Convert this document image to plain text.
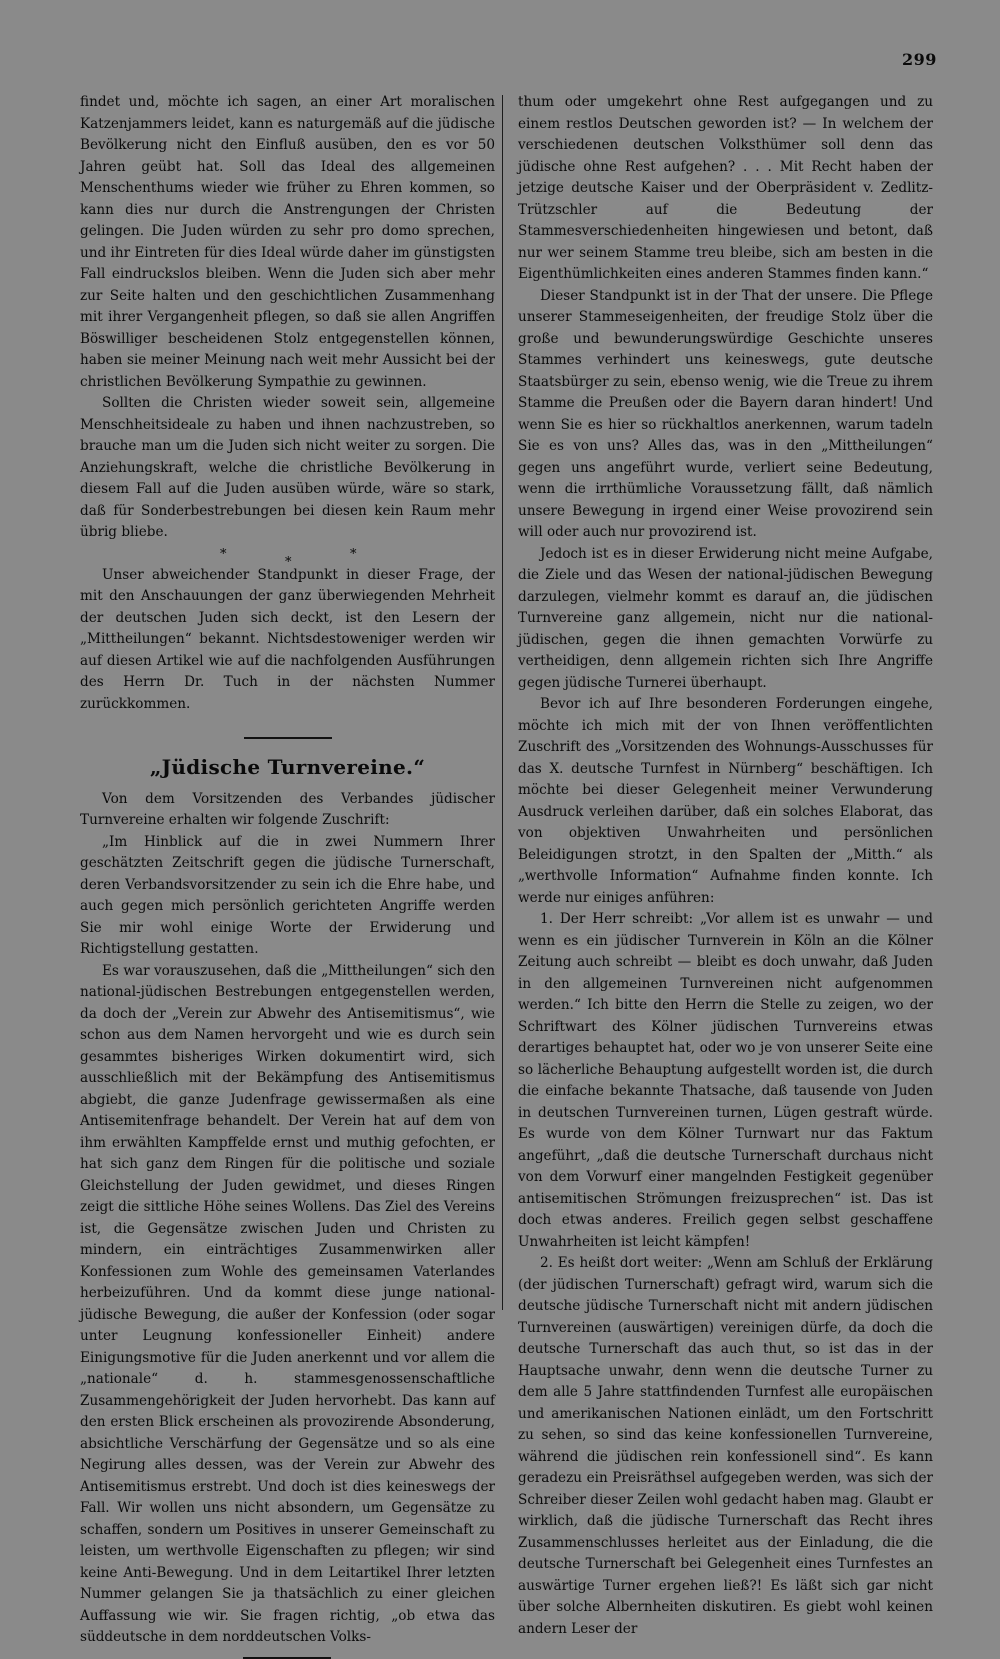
299

findet und, möchte ich sagen, an einer Art moralischen Katzenjammers leidet, kann es naturgemäß auf die jüdische Bevölkerung nicht den Einfluß ausüben, den es vor 50 Jahren geübt hat. Soll das Ideal des allgemeinen Menschenthums wieder wie früher zu Ehren kommen, so kann dies nur durch die Anstrengungen der Christen gelingen. Die Juden würden zu sehr pro domo sprechen, und ihr Eintreten für dies Ideal würde daher im günstigsten Fall eindruckslos bleiben. Wenn die Juden sich aber mehr zur Seite halten und den geschichtlichen Zusammenhang mit ihrer Vergangenheit pflegen, so daß sie allen Angriffen Böswilliger bescheidenen Stolz entgegenstellen können, haben sie meiner Meinung nach weit mehr Aussicht bei der christlichen Bevölkerung Sympathie zu gewinnen.

Sollten die Christen wieder soweit sein, allgemeine Menschheitsideale zu haben und ihnen nachzustreben, so brauche man um die Juden sich nicht weiter zu sorgen. Die Anziehungskraft, welche die christliche Bevölkerung in diesem Fall auf die Juden ausüben würde, wäre so stark, daß für Sonderbestrebungen bei diesen kein Raum mehr übrig bliebe.

*
*
*

Unser abweichender Standpunkt in dieser Frage, der mit den Anschauungen der ganz überwiegenden Mehrheit der deutschen Juden sich deckt, ist den Lesern der „Mittheilungen“ bekannt. Nichtsdestoweniger werden wir auf diesen Artikel wie auf die nachfolgenden Ausführungen des Herrn Dr. Tuch in der nächsten Nummer zurückkommen.

„Jüdische Turnvereine.“

Von dem Vorsitzenden des Verbandes jüdischer Turnvereine erhalten wir folgende Zuschrift:

„Im Hinblick auf die in zwei Nummern Ihrer geschätzten Zeitschrift gegen die jüdische Turnerschaft, deren Verbandsvorsitzender zu sein ich die Ehre habe, und auch gegen mich persönlich gerichteten Angriffe werden Sie mir wohl einige Worte der Erwiderung und Richtigstellung gestatten.

Es war vorauszusehen, daß die „Mittheilungen“ sich den national-jüdischen Bestrebungen entgegenstellen werden, da doch der „Verein zur Abwehr des Antisemitismus“, wie schon aus dem Namen hervorgeht und wie es durch sein gesammtes bisheriges Wirken dokumentirt wird, sich ausschließlich mit der Bekämpfung des Antisemitismus abgiebt, die ganze Judenfrage gewissermaßen als eine Antisemitenfrage behandelt. Der Verein hat auf dem von ihm erwählten Kampffelde ernst und muthig gefochten, er hat sich ganz dem Ringen für die politische und soziale Gleichstellung der Juden gewidmet, und dieses Ringen zeigt die sittliche Höhe seines Wollens. Das Ziel des Vereins ist, die Gegensätze zwischen Juden und Christen zu mindern, ein einträchtiges Zusammenwirken aller Konfessionen zum Wohle des gemeinsamen Vaterlandes herbeizuführen. Und da kommt diese junge national-jüdische Bewegung, die außer der Konfession (oder sogar unter Leugnung konfessioneller Einheit) andere Einigungsmotive für die Juden anerkennt und vor allem die „nationale“ d. h. stammesgenossenschaftliche Zusammengehörigkeit der Juden hervorhebt. Das kann auf den ersten Blick erscheinen als provozirende Absonderung, absichtliche Verschärfung der Gegensätze und so als eine Negirung alles dessen, was der Verein zur Abwehr des Antisemitismus erstrebt. Und doch ist dies keineswegs der Fall. Wir wollen uns nicht absondern, um Gegensätze zu schaffen, sondern um Positives in unserer Gemeinschaft zu leisten, um werthvolle Eigenschaften zu pflegen; wir sind keine Anti-Bewegung. Und in dem Leitartikel Ihrer letzten Nummer gelangen Sie ja thatsächlich zu einer gleichen Auffassung wie wir. Sie fragen richtig, „ob etwa das süddeutsche in dem norddeutschen Volks-

thum oder umgekehrt ohne Rest aufgegangen und zu einem restlos Deutschen geworden ist? — In welchem der verschiedenen deutschen Volksthümer soll denn das jüdische ohne Rest aufgehen? . . . Mit Recht haben der jetzige deutsche Kaiser und der Oberpräsident v. Zedlitz-Trützschler auf die Bedeutung der Stammesverschiedenheiten hingewiesen und betont, daß nur wer seinem Stamme treu bleibe, sich am besten in die Eigenthümlichkeiten eines anderen Stammes finden kann.“

Dieser Standpunkt ist in der That der unsere. Die Pflege unserer Stammeseigenheiten, der freudige Stolz über die große und bewunderungswürdige Geschichte unseres Stammes verhindert uns keineswegs, gute deutsche Staatsbürger zu sein, ebenso wenig, wie die Treue zu ihrem Stamme die Preußen oder die Bayern daran hindert! Und wenn Sie es hier so rückhaltlos anerkennen, warum tadeln Sie es von uns? Alles das, was in den „Mittheilungen“ gegen uns angeführt wurde, verliert seine Bedeutung, wenn die irrthümliche Voraussetzung fällt, daß nämlich unsere Bewegung in irgend einer Weise provozirend sein will oder auch nur provozirend ist.

Jedoch ist es in dieser Erwiderung nicht meine Aufgabe, die Ziele und das Wesen der national-jüdischen Bewegung darzulegen, vielmehr kommt es darauf an, die jüdischen Turnvereine ganz allgemein, nicht nur die national-jüdischen, gegen die ihnen gemachten Vorwürfe zu vertheidigen, denn allgemein richten sich Ihre Angriffe gegen jüdische Turnerei überhaupt.

Bevor ich auf Ihre besonderen Forderungen eingehe, möchte ich mich mit der von Ihnen veröffentlichten Zuschrift des „Vorsitzenden des Wohnungs-Ausschusses für das X. deutsche Turnfest in Nürnberg“ beschäftigen. Ich möchte bei dieser Gelegenheit meiner Verwunderung Ausdruck verleihen darüber, daß ein solches Elaborat, das von objektiven Unwahrheiten und persönlichen Beleidigungen strotzt, in den Spalten der „Mitth.“ als „werthvolle Information“ Aufnahme finden konnte. Ich werde nur einiges anführen:

1. Der Herr schreibt: „Vor allem ist es unwahr — und wenn es ein jüdischer Turnverein in Köln an die Kölner Zeitung auch schreibt — bleibt es doch unwahr, daß Juden in den allgemeinen Turnvereinen nicht aufgenommen werden.“ Ich bitte den Herrn die Stelle zu zeigen, wo der Schriftwart des Kölner jüdischen Turnvereins etwas derartiges behauptet hat, oder wo je von unserer Seite eine so lächerliche Behauptung aufgestellt worden ist, die durch die einfache bekannte Thatsache, daß tausende von Juden in deutschen Turnvereinen turnen, Lügen gestraft würde. Es wurde von dem Kölner Turnwart nur das Faktum angeführt, „daß die deutsche Turnerschaft durchaus nicht von dem Vorwurf einer mangelnden Festigkeit gegenüber antisemitischen Strömungen freizusprechen“ ist. Das ist doch etwas anderes. Freilich gegen selbst geschaffene Unwahrheiten ist leicht kämpfen!

2. Es heißt dort weiter: „Wenn am Schluß der Erklärung (der jüdischen Turnerschaft) gefragt wird, warum sich die deutsche jüdische Turnerschaft nicht mit andern jüdischen Turnvereinen (auswärtigen) vereinigen dürfe, da doch die deutsche Turnerschaft das auch thut, so ist das in der Hauptsache unwahr, denn wenn die deutsche Turner zu dem alle 5 Jahre stattfindenden Turnfest alle europäischen und amerikanischen Nationen einlädt, um den Fortschritt zu sehen, so sind das keine konfessionellen Turnvereine, während die jüdischen rein konfessionell sind“. Es kann geradezu ein Preisräthsel aufgegeben werden, was sich der Schreiber dieser Zeilen wohl gedacht haben mag. Glaubt er wirklich, daß die jüdische Turnerschaft das Recht ihres Zusammenschlusses herleitet aus der Einladung, die die deutsche Turnerschaft bei Gelegenheit eines Turnfestes an auswärtige Turner ergehen ließ?! Es läßt sich gar nicht über solche Albernheiten diskutiren. Es giebt wohl keinen andern Leser der
